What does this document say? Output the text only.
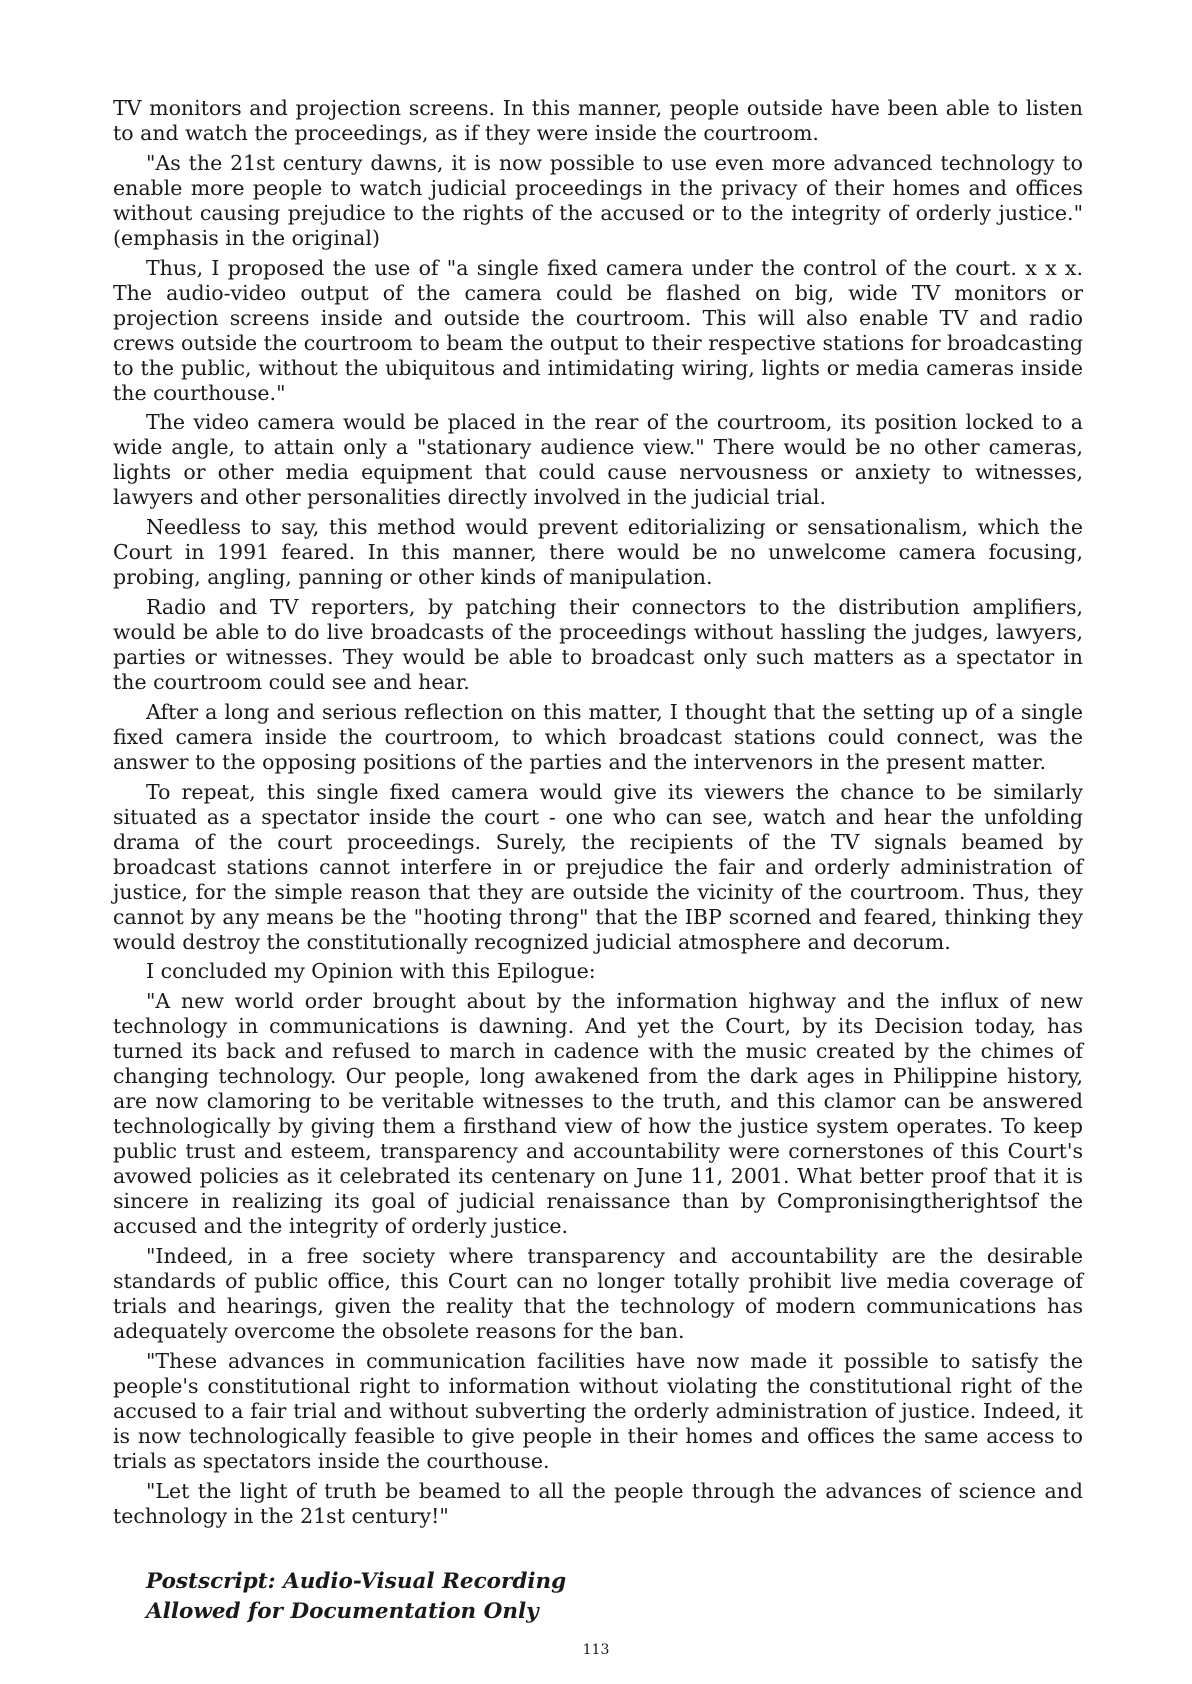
TV monitors and projection screens. In this manner, people outside have been able to listen to and watch the proceedings, as if they were inside the courtroom.

"As the 21st century dawns, it is now possible to use even more advanced technology to enable more people to watch judicial proceedings in the privacy of their homes and offices without causing prejudice to the rights of the accused or to the integrity of orderly justice." (emphasis in the original)

Thus, I proposed the use of "a single fixed camera under the control of the court. x x x. The audio-video output of the camera could be flashed on big, wide TV monitors or projection screens inside and outside the courtroom. This will also enable TV and radio crews outside the courtroom to beam the output to their respective stations for broadcasting to the public, without the ubiquitous and intimidating wiring, lights or media cameras inside the courthouse."

The video camera would be placed in the rear of the courtroom, its position locked to a wide angle, to attain only a "stationary audience view." There would be no other cameras, lights or other media equipment that could cause nervousness or anxiety to witnesses, lawyers and other personalities directly involved in the judicial trial.

Needless to say, this method would prevent editorializing or sensationalism, which the Court in 1991 feared. In this manner, there would be no unwelcome camera focusing, probing, angling, panning or other kinds of manipulation.

Radio and TV reporters, by patching their connectors to the distribution amplifiers, would be able to do live broadcasts of the proceedings without hassling the judges, lawyers, parties or witnesses. They would be able to broadcast only such matters as a spectator in the courtroom could see and hear.

After a long and serious reflection on this matter, I thought that the setting up of a single fixed camera inside the courtroom, to which broadcast stations could connect, was the answer to the opposing positions of the parties and the intervenors in the present matter.

To repeat, this single fixed camera would give its viewers the chance to be similarly situated as a spectator inside the court - one who can see, watch and hear the unfolding drama of the court proceedings. Surely, the recipients of the TV signals beamed by broadcast stations cannot interfere in or prejudice the fair and orderly administration of justice, for the simple reason that they are outside the vicinity of the courtroom. Thus, they cannot by any means be the "hooting throng" that the IBP scorned and feared, thinking they would destroy the constitutionally recognized judicial atmosphere and decorum.

I concluded my Opinion with this Epilogue:

"A new world order brought about by the information highway and the influx of new technology in communications is dawning. And yet the Court, by its Decision today, has turned its back and refused to march in cadence with the music created by the chimes of changing technology. Our people, long awakened from the dark ages in Philippine history, are now clamoring to be veritable witnesses to the truth, and this clamor can be answered technologically by giving them a firsthand view of how the justice system operates. To keep public trust and esteem, transparency and accountability were cornerstones of this Court's avowed policies as it celebrated its centenary on June 11, 2001. What better proof that it is sincere in realizing its goal of judicial renaissance than by Compronisingtherightsof the accused and the integrity of orderly justice.

"Indeed, in a free society where transparency and accountability are the desirable standards of public office, this Court can no longer totally prohibit live media coverage of trials and hearings, given the reality that the technology of modern communications has adequately overcome the obsolete reasons for the ban.

"These advances in communication facilities have now made it possible to satisfy the people's constitutional right to information without violating the constitutional right of the accused to a fair trial and without subverting the orderly administration of justice. Indeed, it is now technologically feasible to give people in their homes and offices the same access to trials as spectators inside the courthouse.

"Let the light of truth be beamed to all the people through the advances of science and technology in the 21st century!"

Postscript: Audio-Visual Recording
Allowed for Documentation Only
113
